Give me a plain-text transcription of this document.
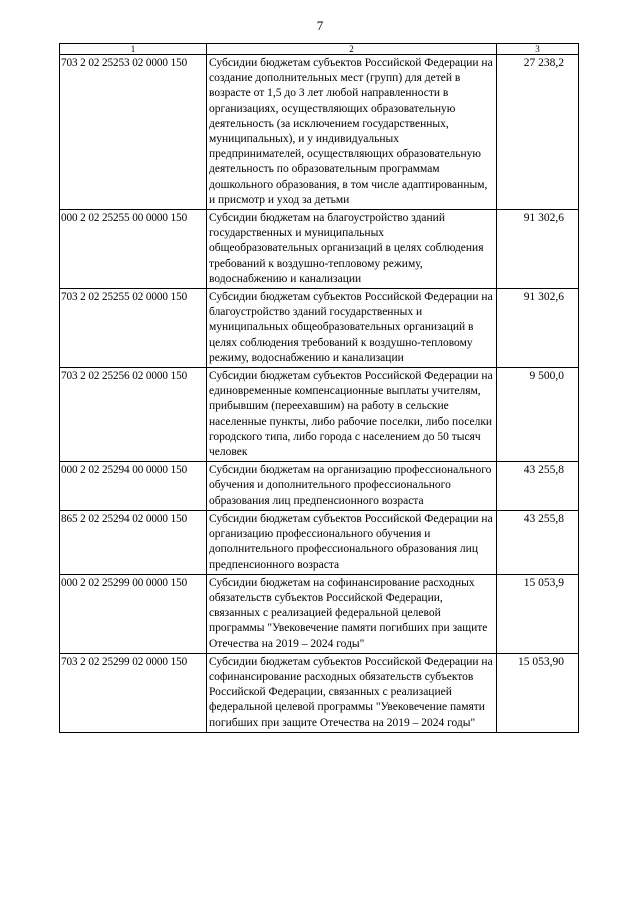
7
1	2	3
703 2 02 25253 02 0000 150	Субсидии бюджетам субъектов Российской Федерации на создание дополнительных мест (групп) для детей в возрасте от 1,5 до 3 лет любой направленности в организациях, осуществляющих образовательную деятельность (за исключением государственных, муниципальных), и у индивидуальных предпринимателей, осуществляющих образовательную деятельность по образовательным программам дошкольного образования, в том числе адаптированным, и присмотр и уход за детьми	27 238,2
000 2 02 25255 00 0000 150	Субсидии бюджетам на благоустройство зданий государственных и муниципальных общеобразовательных организаций в целях соблюдения требований к воздушно-тепловому режиму, водоснабжению и канализации	91 302,6
703 2 02 25255 02 0000 150	Субсидии бюджетам субъектов Российской Федерации на благоустройство зданий государственных и муниципальных общеобразовательных организаций в целях соблюдения требований к воздушно-тепловому режиму, водоснабжению и канализации	91 302,6
703 2 02 25256 02 0000 150	Субсидии бюджетам субъектов Российской Федерации на единовременные компенсационные выплаты учителям, прибывшим (переехавшим) на работу в сельские населенные пункты, либо рабочие поселки, либо поселки городского типа, либо города с населением до 50 тысяч человек	9 500,0
000 2 02 25294 00 0000 150	Субсидии бюджетам на организацию профессионального обучения и дополнительного профессионального образования лиц предпенсионного возраста	43 255,8
865 2 02 25294 02 0000 150	Субсидии бюджетам субъектов Российской Федерации на организацию профессионального обучения и дополнительного профессионального образования лиц предпенсионного возраста	43 255,8
000 2 02 25299 00 0000 150	Субсидии бюджетам на софинансирование расходных обязательств субъектов Российской Федерации, связанных с реализацией федеральной целевой программы "Увековечение памяти погибших при защите Отечества на 2019 – 2024 годы"	15 053,9
703 2 02 25299 02 0000 150	Субсидии бюджетам субъектов Российской Федерации на софинансирование расходных обязательств субъектов Российской Федерации, связанных с реализацией федеральной целевой программы "Увековечение памяти погибших при защите Отечества на 2019 – 2024 годы"	15 053,90
